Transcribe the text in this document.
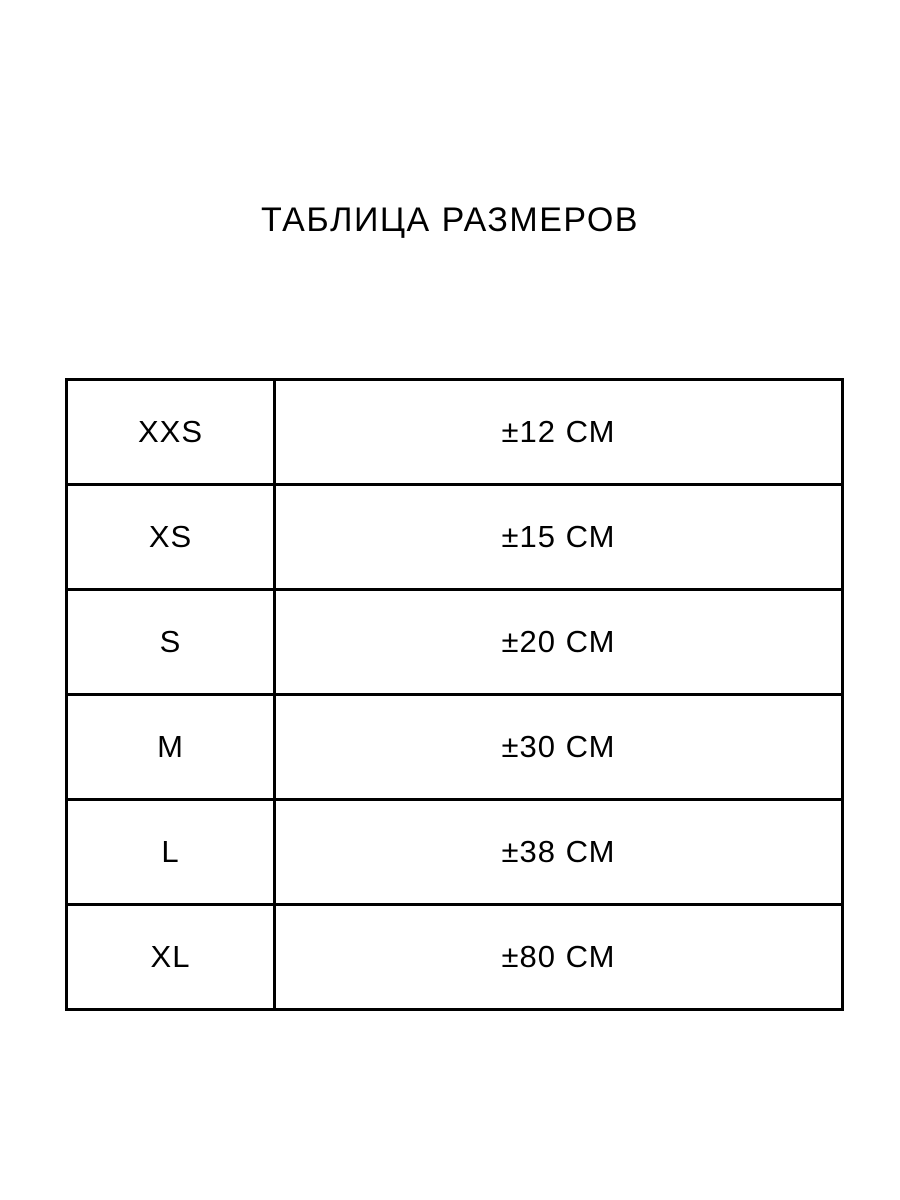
ТАБЛИЦА РАЗМЕРОВ
XXS	±12 СМ
XS	±15 СМ
S	±20 СМ
M	±30 СМ
L	±38 СМ
XL	±80 СМ
